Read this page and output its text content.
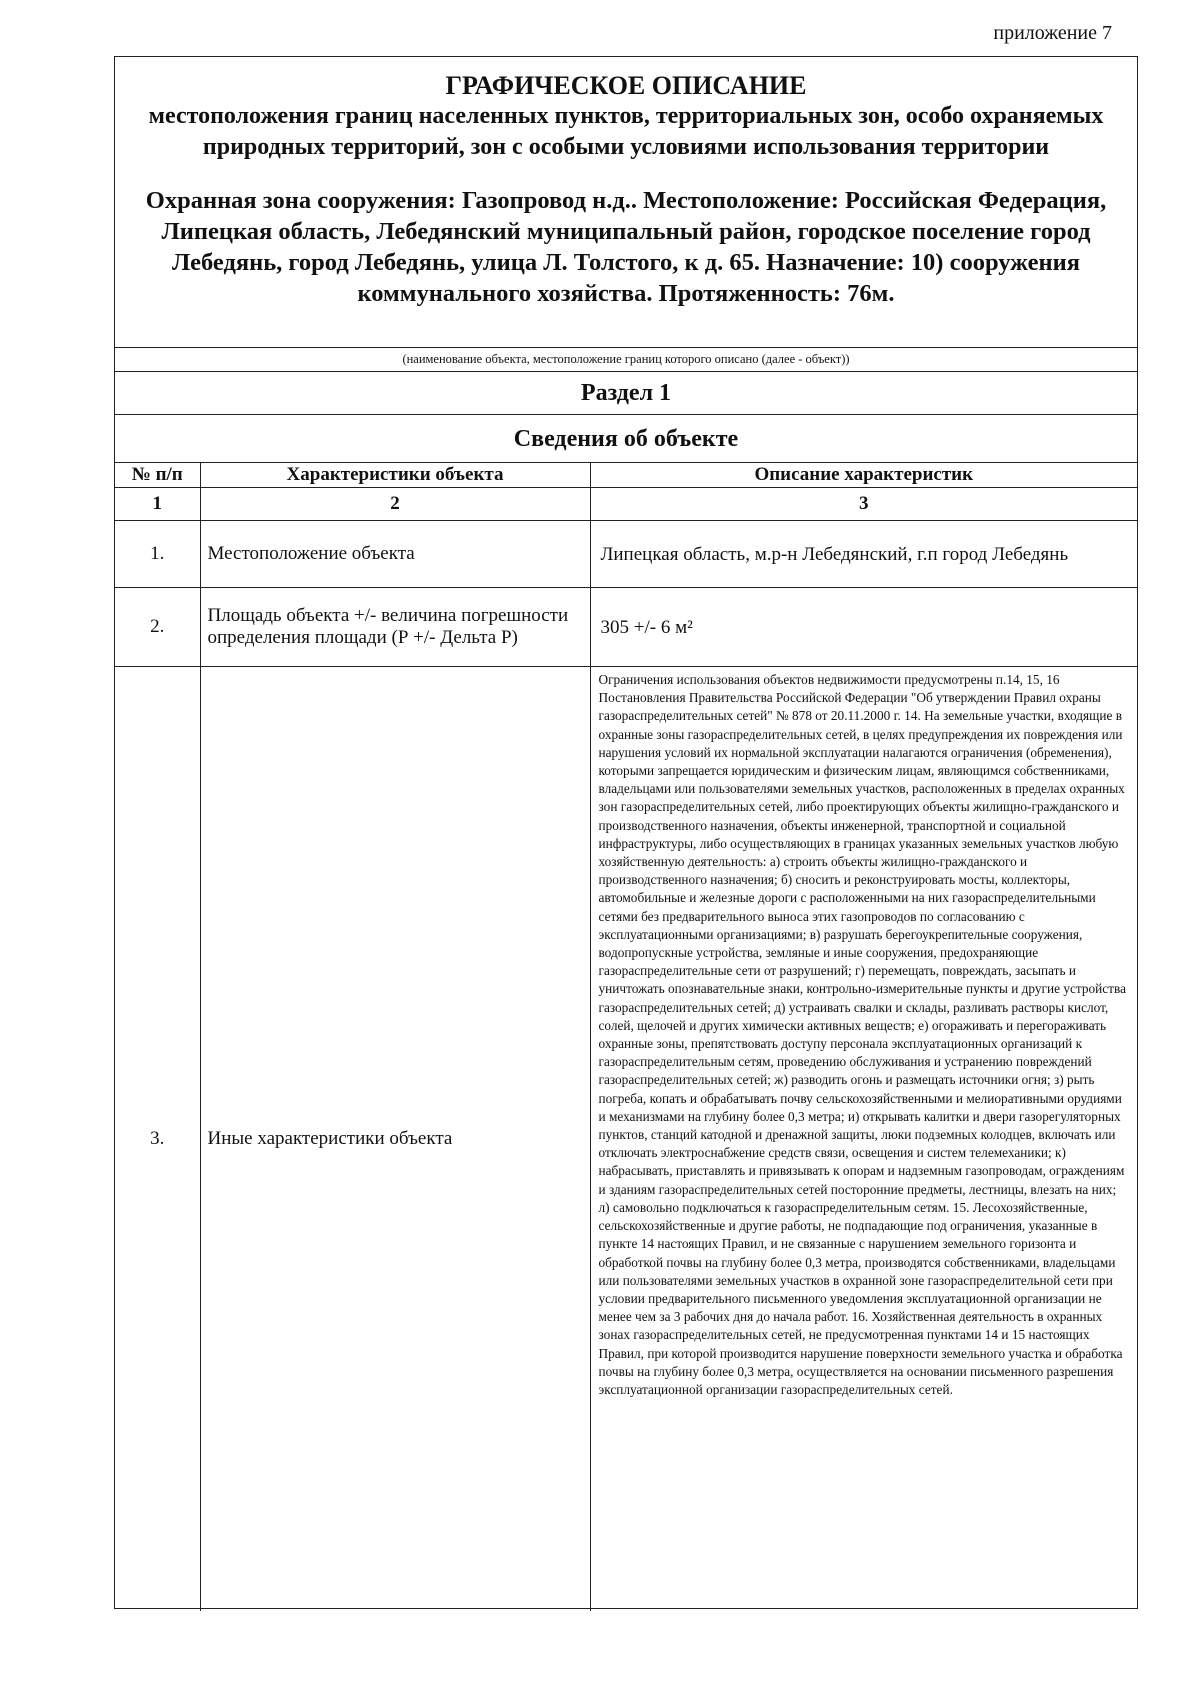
приложение 7
ГРАФИЧЕСКОЕ ОПИСАНИЕ
местоположения границ населенных пунктов, территориальных зон, особо охраняемых природных территорий, зон с особыми условиями использования территории
Охранная зона сооружения: Газопровод н.д.. Местоположение: Российская Федерация, Липецкая область, Лебедянский муниципальный район, городское поселение город Лебедянь, город Лебедянь, улица Л. Толстого, к д. 65. Назначение: 10) сооружения коммунального хозяйства. Протяженность: 76м.
(наименование объекта, местоположение границ которого описано (далее - объект))
Раздел 1
Сведения об объекте
№ п/п	Характеристики объекта	Описание характеристик
1	2	3
1.	Местоположение объекта	Липецкая область, м.р-н Лебедянский, г.п город Лебедянь
2.	Площадь объекта +/- величина погрешности определения площади (Р +/- Дельта Р)	305 +/- 6 м²
3.	Иные характеристики объекта	Ограничения использования объектов недвижимости предусмотрены п.14, 15, 16 Постановления Правительства Российской Федерации "Об утверждении Правил охраны газораспределительных сетей" № 878 от 20.11.2000 г. 14. На земельные участки, входящие в охранные зоны газораспределительных сетей, в целях предупреждения их повреждения или нарушения условий их нормальной эксплуатации налагаются ограничения (обременения), которыми запрещается юридическим и физическим лицам, являющимся собственниками, владельцами или пользователями земельных участков, расположенных в пределах охранных зон газораспределительных сетей, либо проектирующих объекты жилищно-гражданского и производственного назначения, объекты инженерной, транспортной и социальной инфраструктуры, либо осуществляющих в границах указанных земельных участков любую хозяйственную деятельность: а) строить объекты жилищно-гражданского и производственного назначения; б) сносить и реконструировать мосты, коллекторы, автомобильные и железные дороги с расположенными на них газораспределительными сетями без предварительного выноса этих газопроводов по согласованию с эксплуатационными организациями; в) разрушать берегоукрепительные сооружения, водопропускные устройства, земляные и иные сооружения, предохраняющие газораспределительные сети от разрушений; г) перемещать, повреждать, засыпать и уничтожать опознавательные знаки, контрольно-измерительные пункты и другие устройства газораспределительных сетей; д) устраивать свалки и склады, разливать растворы кислот, солей, щелочей и других химически активных веществ; е) огораживать и перегораживать охранные зоны, препятствовать доступу персонала эксплуатационных организаций к газораспределительным сетям, проведению обслуживания и устранению повреждений газораспределительных сетей; ж) разводить огонь и размещать источники огня; з) рыть погреба, копать и обрабатывать почву сельскохозяйственными и мелиоративными орудиями и механизмами на глубину более 0,3 метра; и) открывать калитки и двери газорегуляторных пунктов, станций катодной и дренажной защиты, люки подземных колодцев, включать или отключать электроснабжение средств связи, освещения и систем телемеханики; к) набрасывать, приставлять и привязывать к опорам и надземным газопроводам, ограждениям и зданиям газораспределительных сетей посторонние предметы, лестницы, влезать на них; л) самовольно подключаться к газораспределительным сетям. 15. Лесохозяйственные, сельскохозяйственные и другие работы, не подпадающие под ограничения, указанные в пункте 14 настоящих Правил, и не связанные с нарушением земельного горизонта и обработкой почвы на глубину более 0,3 метра, производятся собственниками, владельцами или пользователями земельных участков в охранной зоне газораспределительной сети при условии предварительного письменного уведомления эксплуатационной организации не менее чем за 3 рабочих дня до начала работ. 16. Хозяйственная деятельность в охранных зонах газораспределительных сетей, не предусмотренная пунктами 14 и 15 настоящих Правил, при которой производится нарушение поверхности земельного участка и обработка почвы на глубину более 0,3 метра, осуществляется на основании письменного разрешения эксплуатационной организации газораспределительных сетей.
